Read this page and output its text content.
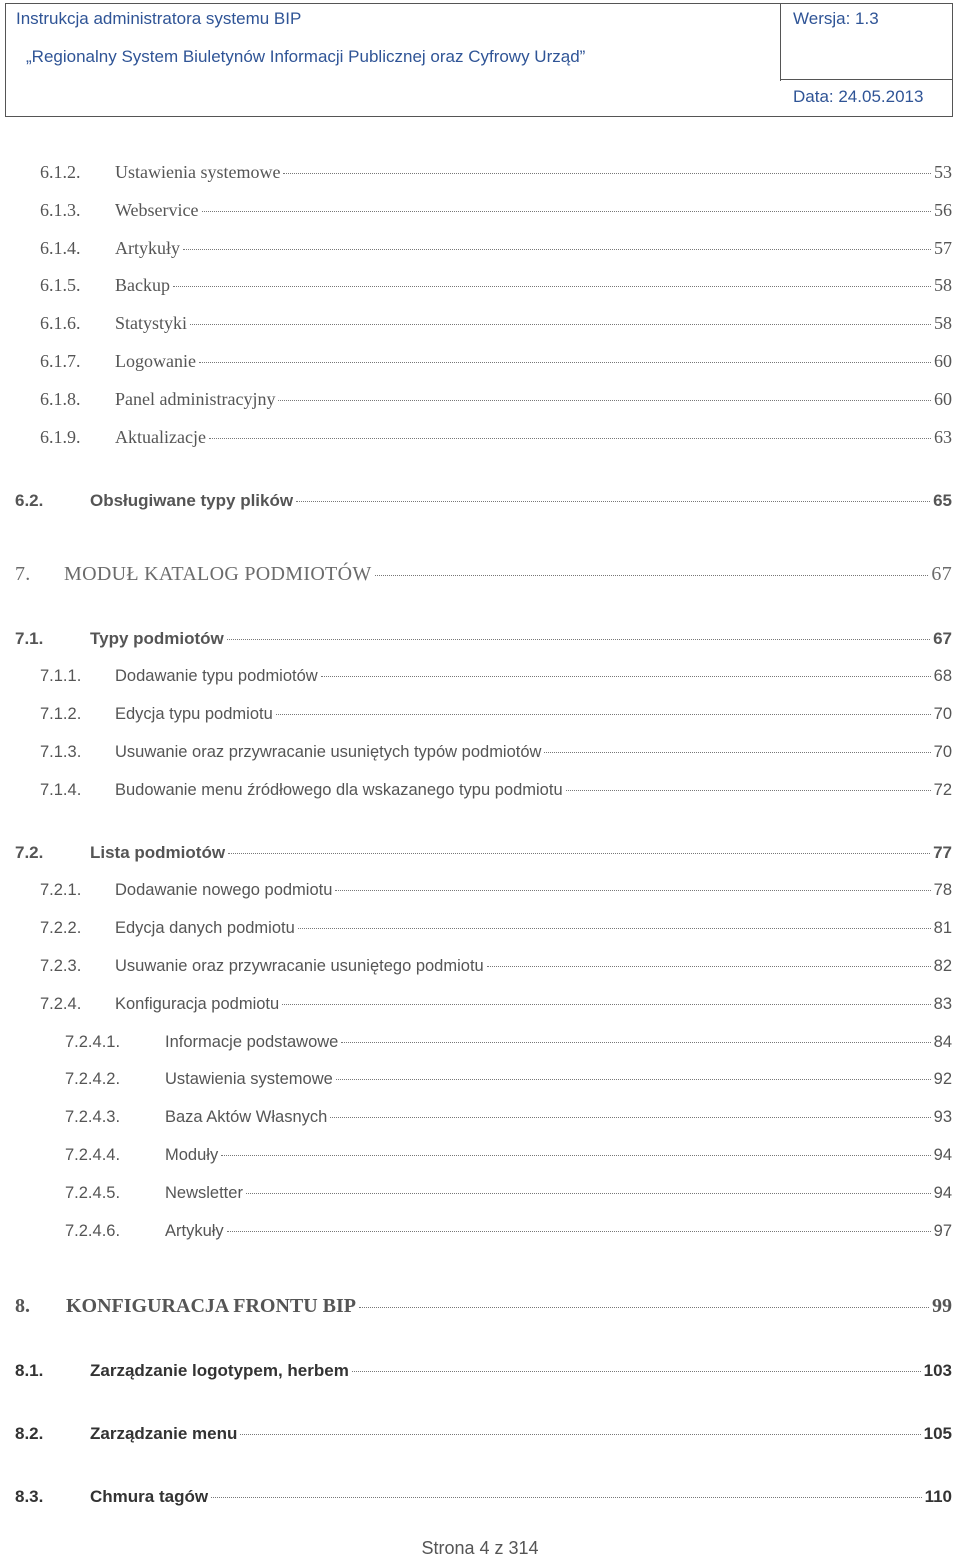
Instrukcja administratora systemu BIP
„Regionalny System Biuletynów Informacji Publicznej oraz Cyfrowy Urząd”
Wersja: 1.3
Data: 24.05.2013
6.1.2. Ustawienia systemowe	53
6.1.3. Webservice	56
6.1.4. Artykuły	57
6.1.5. Backup	58
6.1.6. Statystyki	58
6.1.7. Logowanie	60
6.1.8. Panel administracyjny	60
6.1.9. Aktualizacje	63
6.2.	Obsługiwane typy plików	65
7. MODUŁ KATALOG PODMIOTÓW	67
7.1.	Typy podmiotów	67
7.1.1. Dodawanie typu podmiotów	68
7.1.2. Edycja typu podmiotu	70
7.1.3. Usuwanie oraz przywracanie usuniętych typów podmiotów	70
7.1.4. Budowanie menu źródłowego dla wskazanego typu podmiotu	72
7.2.	Lista podmiotów	77
7.2.1. Dodawanie nowego podmiotu	78
7.2.2. Edycja danych podmiotu	81
7.2.3. Usuwanie oraz przywracanie usuniętego podmiotu	82
7.2.4. Konfiguracja podmiotu	83
7.2.4.1.	Informacje podstawowe	84
7.2.4.2.	Ustawienia systemowe	92
7.2.4.3.	Baza Aktów Własnych	93
7.2.4.4.	Moduły	94
7.2.4.5.	Newsletter	94
7.2.4.6.	Artykuły	97
8. KONFIGURACJA FRONTU BIP	99
8.1.	Zarządzanie logotypem, herbem	103
8.2.	Zarządzanie menu	105
8.3.	Chmura tagów	110
Strona 4 z 314
